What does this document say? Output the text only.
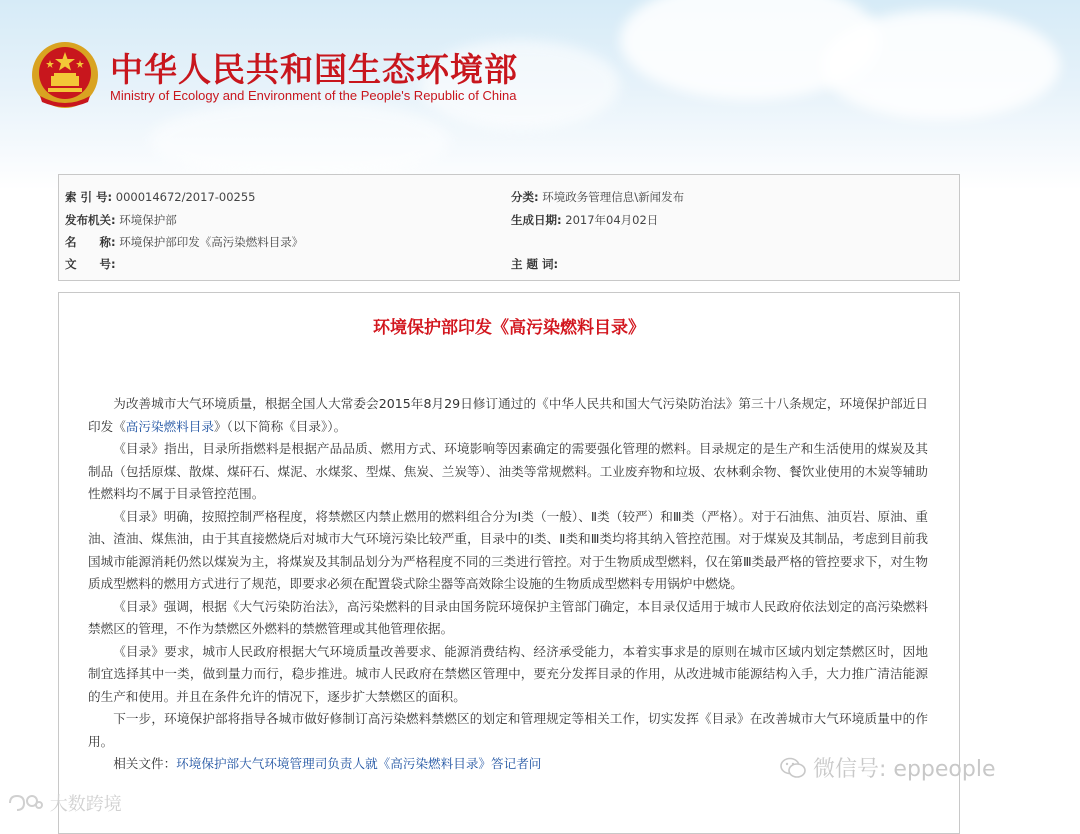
中华人民共和国生态环境部
Ministry of Ecology and Environment of the People's Republic of China
索 引 号: 000014672/2017-00255	分类: 环境政务管理信息\新闻发布
发布机关: 环境保护部	生成日期: 2017年04月02日
名　　称: 环境保护部印发《高污染燃料目录》
文　　号:	主 题 词:
环境保护部印发《高污染燃料目录》

为改善城市大气环境质量，根据全国人大常委会2015年8月29日修订通过的《中华人民共和国大气污染防治法》第三十八条规定，环境保护部近日印发《高污染燃料目录》（以下简称《目录》）。

《目录》指出，目录所指燃料是根据产品品质、燃用方式、环境影响等因素确定的需要强化管理的燃料。目录规定的是生产和生活使用的煤炭及其制品（包括原煤、散煤、煤矸石、煤泥、水煤浆、型煤、焦炭、兰炭等）、油类等常规燃料。工业废弃物和垃圾、农林剩余物、餐饮业使用的木炭等辅助性燃料均不属于目录管控范围。

《目录》明确，按照控制严格程度，将禁燃区内禁止燃用的燃料组合分为Ⅰ类（一般）、Ⅱ类（较严）和Ⅲ类（严格）。对于石油焦、油页岩、原油、重油、渣油、煤焦油，由于其直接燃烧后对城市大气环境污染比较严重，目录中的Ⅰ类、Ⅱ类和Ⅲ类均将其纳入管控范围。对于煤炭及其制品，考虑到目前我国城市能源消耗仍然以煤炭为主，将煤炭及其制品划分为严格程度不同的三类进行管控。对于生物质成型燃料，仅在第Ⅲ类最严格的管控要求下，对生物质成型燃料的燃用方式进行了规范，即要求必须在配置袋式除尘器等高效除尘设施的生物质成型燃料专用锅炉中燃烧。

《目录》强调，根据《大气污染防治法》，高污染燃料的目录由国务院环境保护主管部门确定，本目录仅适用于城市人民政府依法划定的高污染燃料禁燃区的管理，不作为禁燃区外燃料的禁燃管理或其他管理依据。

《目录》要求，城市人民政府根据大气环境质量改善要求、能源消费结构、经济承受能力，本着实事求是的原则在城市区域内划定禁燃区时，因地制宜选择其中一类，做到量力而行，稳步推进。城市人民政府在禁燃区管理中，要充分发挥目录的作用，从改进城市能源结构入手，大力推广清洁能源的生产和使用。并且在条件允许的情况下，逐步扩大禁燃区的面积。

下一步，环境保护部将指导各城市做好修制订高污染燃料禁燃区的划定和管理规定等相关工作，切实发挥《目录》在改善城市大气环境质量中的作用。

相关文件：环境保护部大气环境管理司负责人就《高污染燃料目录》答记者问	微信号: eppeople
大数跨境
